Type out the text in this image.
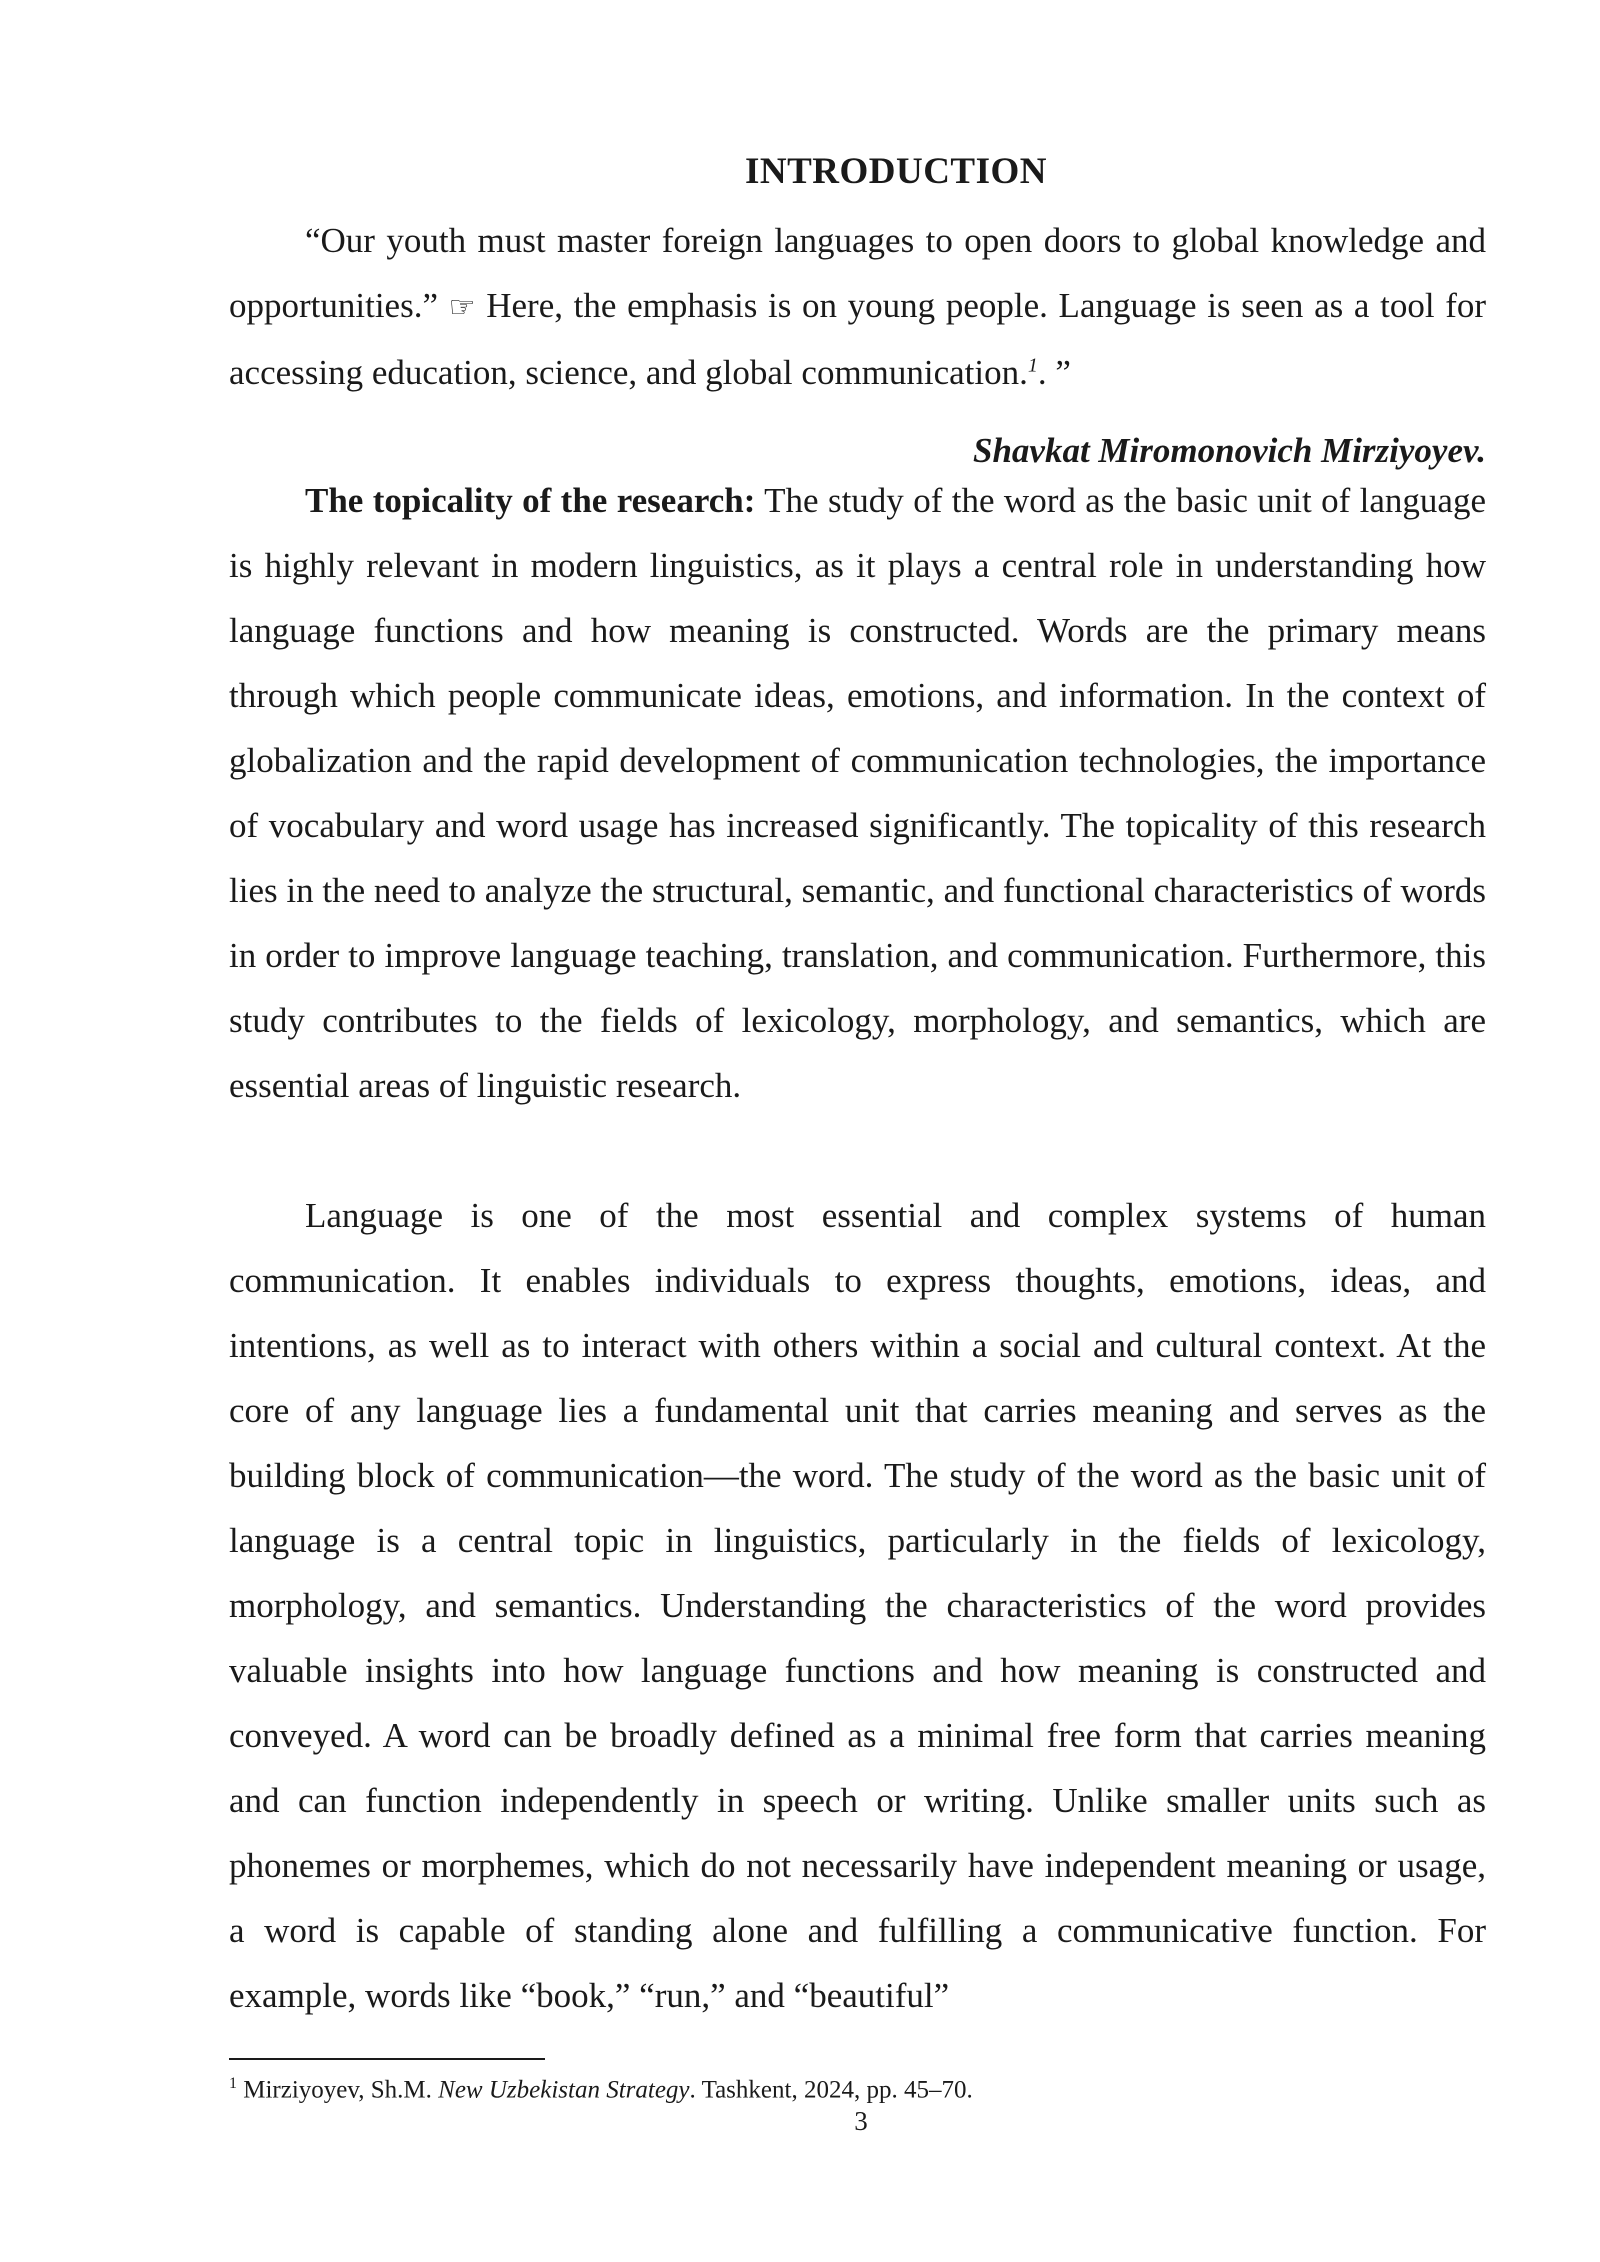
INTRODUCTION

“Our youth must master foreign languages to open doors to global knowledge and opportunities.” ☞ Here, the emphasis is on young people. Language is seen as a tool for accessing education, science, and global communication.$^1$. ”

Shavkat Miromonovich Mirziyoyev.

The topicality of the research: The study of the word as the basic unit of language is highly relevant in modern linguistics, as it plays a central role in understanding how language functions and how meaning is constructed. Words are the primary means through which people communicate ideas, emotions, and information. In the context of globalization and the rapid development of communication technologies, the importance of vocabulary and word usage has increased significantly. The topicality of this research lies in the need to analyze the structural, semantic, and functional characteristics of words in order to improve language teaching, translation, and communication. Furthermore, this study contributes to the fields of lexicology, morphology, and semantics, which are essential areas of linguistic research.

Language is one of the most essential and complex systems of human communication. It enables individuals to express thoughts, emotions, ideas, and intentions, as well as to interact with others within a social and cultural context. At the core of any language lies a fundamental unit that carries meaning and serves as the building block of communication—the word. The study of the word as the basic unit of language is a central topic in linguistics, particularly in the fields of lexicology, morphology, and semantics. Understanding the characteristics of the word provides valuable insights into how language functions and how meaning is constructed and conveyed. A word can be broadly defined as a minimal free form that carries meaning and can function independently in speech or writing. Unlike smaller units such as phonemes or morphemes, which do not necessarily have independent meaning or usage, a word is capable of standing alone and fulfilling a communicative function. For example, words like “book,” “run,” and “beautiful”

$^1$ Mirziyoyev, Sh.M. New Uzbekistan Strategy. Tashkent, 2024, pp. 45–70.
3
